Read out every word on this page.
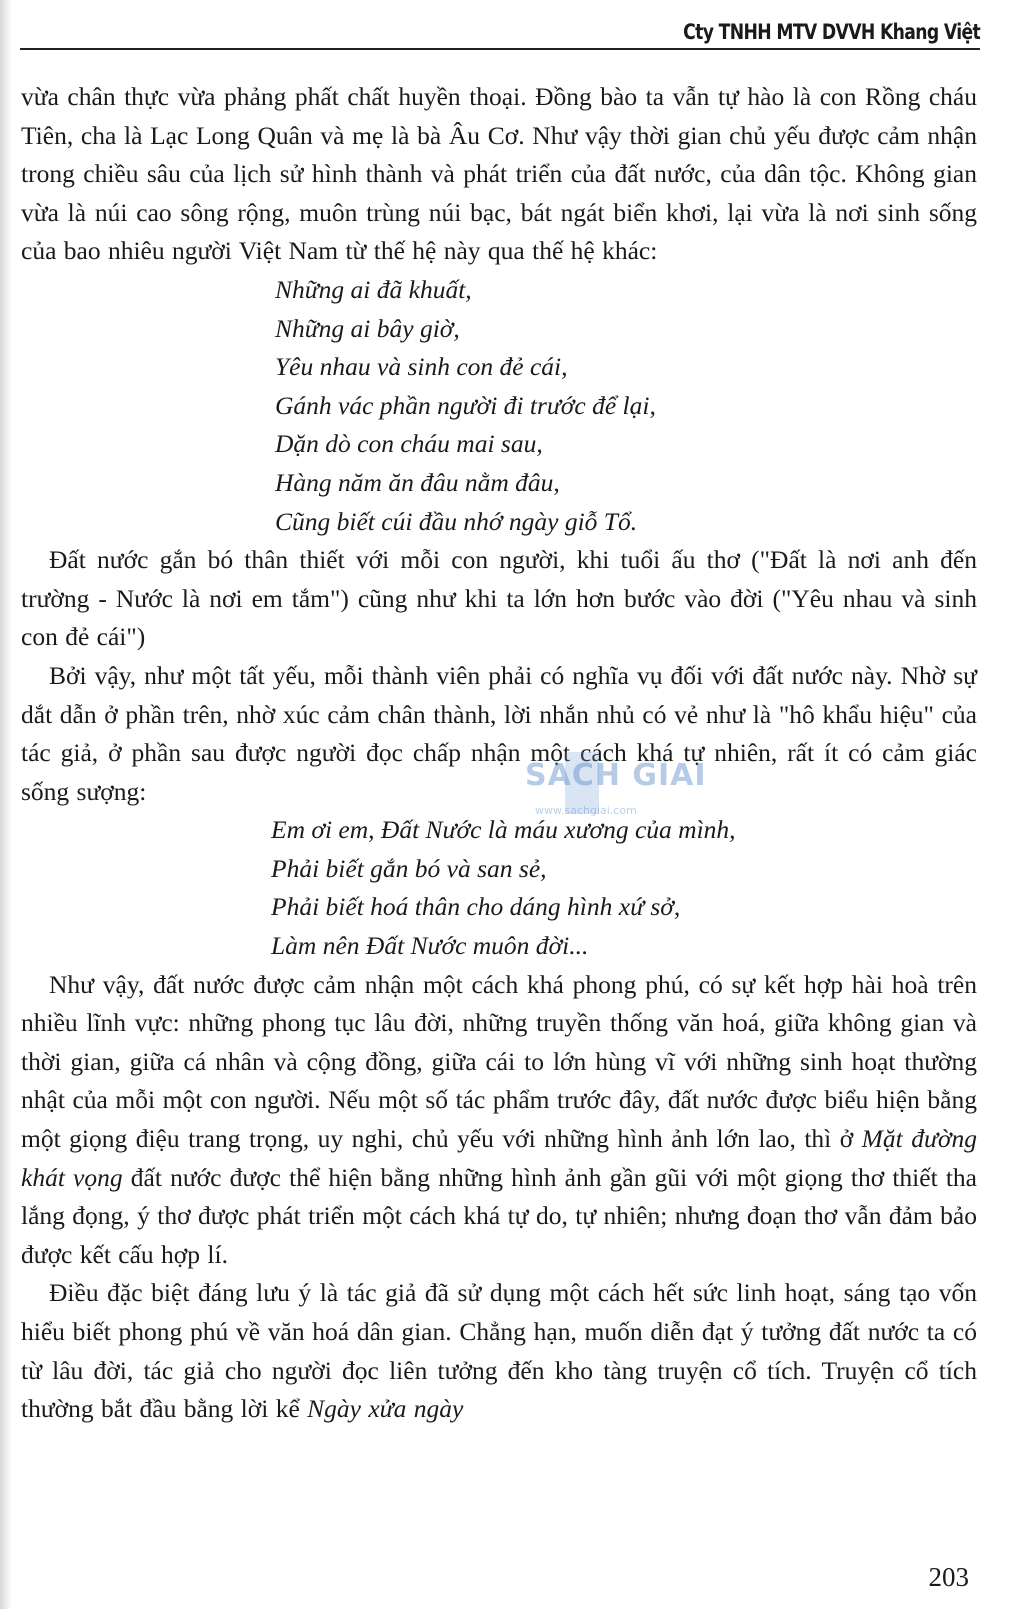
Cty TNHH MTV DVVH Khang Việt

vừa chân thực vừa phảng phất chất huyền thoại. Đồng bào ta vẫn tự hào là con Rồng cháu Tiên, cha là Lạc Long Quân và mẹ là bà Âu Cơ. Như vậy thời gian chủ yếu được cảm nhận trong chiều sâu của lịch sử hình thành và phát triển của đất nước, của dân tộc. Không gian vừa là núi cao sông rộng, muôn trùng núi bạc, bát ngát biển khơi, lại vừa là nơi sinh sống của bao nhiêu người Việt Nam từ thế hệ này qua thế hệ khác:

Những ai đã khuất,
Những ai bây giờ,
Yêu nhau và sinh con đẻ cái,
Gánh vác phần người đi trước để lại,
Dặn dò con cháu mai sau,
Hàng năm ăn đâu nằm đâu,
Cũng biết cúi đầu nhớ ngày giỗ Tổ.

Đất nước gắn bó thân thiết với mỗi con người, khi tuổi ấu thơ ("Đất là nơi anh đến trường - Nước là nơi em tắm") cũng như khi ta lớn hơn bước vào đời ("Yêu nhau và sinh con đẻ cái")

Bởi vậy, như một tất yếu, mỗi thành viên phải có nghĩa vụ đối với đất nước này. Nhờ sự dắt dẫn ở phần trên, nhờ xúc cảm chân thành, lời nhắn nhủ có vẻ như là "hô khẩu hiệu" của tác giả, ở phần sau được người đọc chấp nhận một cách khá tự nhiên, rất ít có cảm giác sống sượng:

Em ơi em, Đất Nước là máu xương của mình,
Phải biết gắn bó và san sẻ,
Phải biết hoá thân cho dáng hình xứ sở,
Làm nên Đất Nước muôn đời...

Như vậy, đất nước được cảm nhận một cách khá phong phú, có sự kết hợp hài hoà trên nhiều lĩnh vực: những phong tục lâu đời, những truyền thống văn hoá, giữa không gian và thời gian, giữa cá nhân và cộng đồng, giữa cái to lớn hùng vĩ với những sinh hoạt thường nhật của mỗi một con người. Nếu một số tác phẩm trước đây, đất nước được biểu hiện bằng một giọng điệu trang trọng, uy nghi, chủ yếu với những hình ảnh lớn lao, thì ở Mặt đường khát vọng đất nước được thể hiện bằng những hình ảnh gần gũi với một giọng thơ thiết tha lắng đọng, ý thơ được phát triển một cách khá tự do, tự nhiên; nhưng đoạn thơ vẫn đảm bảo được kết cấu hợp lí.

Điều đặc biệt đáng lưu ý là tác giả đã sử dụng một cách hết sức linh hoạt, sáng tạo vốn hiểu biết phong phú về văn hoá dân gian. Chẳng hạn, muốn diễn đạt ý tưởng đất nước ta có từ lâu đời, tác giả cho người đọc liên tưởng đến kho tàng truyện cổ tích. Truyện cổ tích thường bắt đầu bằng lời kể Ngày xửa ngày

SACH GIAI
www.sachgiai.com
203
